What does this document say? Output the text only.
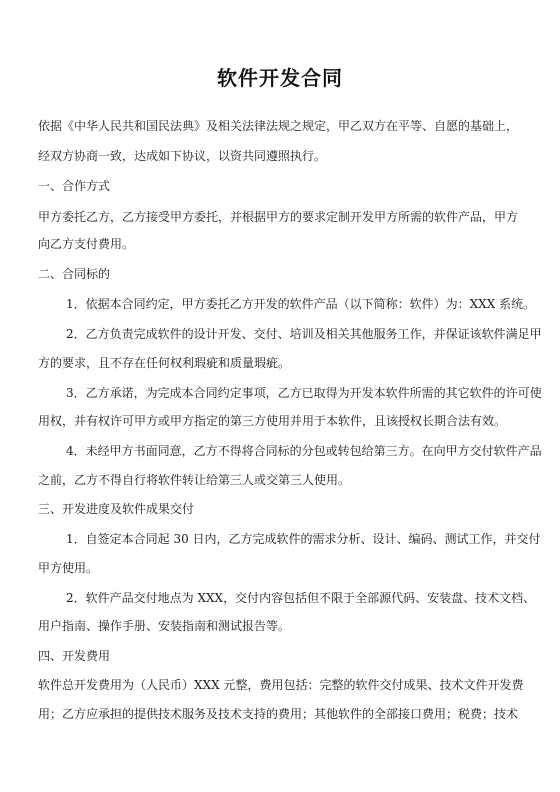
软件开发合同
依据《中华人民共和国民法典》及相关法律法规之规定，甲乙双方在平等、自愿的基础上，
经双方协商一致，达成如下协议，以资共同遵照执行。
一、合作方式
甲方委托乙方，乙方接受甲方委托，并根据甲方的要求定制开发甲方所需的软件产品，甲方
向乙方支付费用。
二、合同标的
1．依据本合同约定，甲方委托乙方开发的软件产品（以下简称：软件）为：XXX 系统。
2．乙方负责完成软件的设计开发、交付、培训及相关其他服务工作，并保证该软件满足甲
方的要求，且不存在任何权利瑕疵和质量瑕疵。
3．乙方承诺，为完成本合同约定事项，乙方已取得为开发本软件所需的其它软件的许可使
用权，并有权许可甲方或甲方指定的第三方使用并用于本软件，且该授权长期合法有效。
4．未经甲方书面同意，乙方不得将合同标的分包或转包给第三方。在向甲方交付软件产品
之前，乙方不得自行将软件转让给第三人或交第三人使用。
三、开发进度及软件成果交付
1．自签定本合同起 30 日内，乙方完成软件的需求分析、设计、编码、测试工作，并交付
甲方使用。
2．软件产品交付地点为 XXX，交付内容包括但不限于全部源代码、安装盘、技术文档、
用户指南、操作手册、安装指南和测试报告等。
四、开发费用
软件总开发费用为（人民币）XXX 元整，费用包括：完整的软件交付成果、技术文件开发费
用；乙方应承担的提供技术服务及技术支持的费用；其他软件的全部接口费用；税费；技术
